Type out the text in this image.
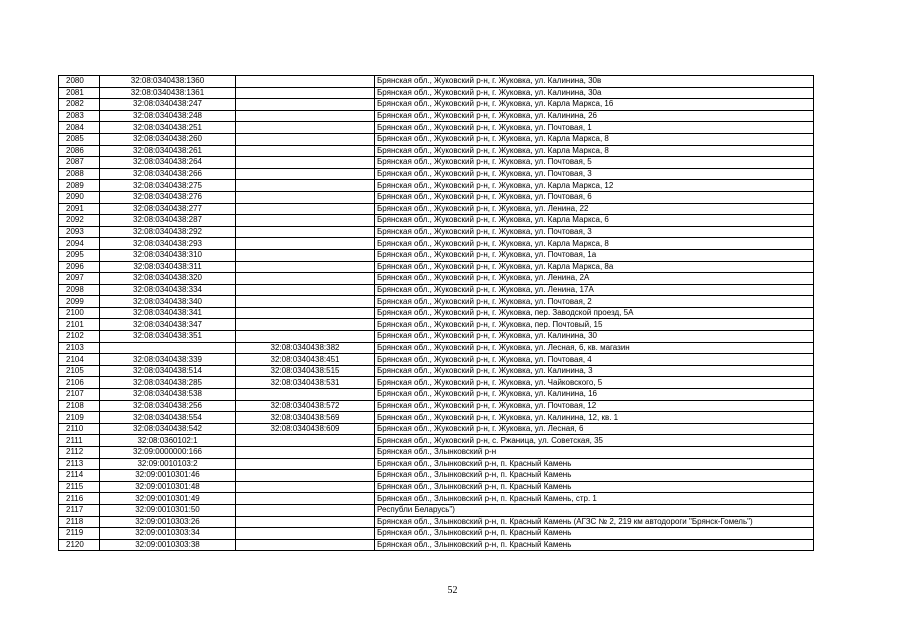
2080	32:08:0340438:1360		Брянская обл., Жуковский р-н, г. Жуковка, ул. Калинина, 30в
2081	32:08:0340438:1361		Брянская обл., Жуковский р-н, г. Жуковка, ул. Калинина, 30а
2082	32:08:0340438:247		Брянская обл., Жуковский р-н, г. Жуковка, ул. Карла Маркса, 16
2083	32:08:0340438:248		Брянская обл., Жуковский р-н, г. Жуковка, ул. Калинина, 26
2084	32:08:0340438:251		Брянская обл., Жуковский р-н, г. Жуковка, ул. Почтовая, 1
2085	32:08:0340438:260		Брянская обл., Жуковский р-н, г. Жуковка, ул. Карла Маркса, 8
2086	32:08:0340438:261		Брянская обл., Жуковский р-н, г. Жуковка, ул. Карла Маркса, 8
2087	32:08:0340438:264		Брянская обл., Жуковский р-н, г. Жуковка, ул. Почтовая, 5
2088	32:08:0340438:266		Брянская обл., Жуковский р-н, г. Жуковка, ул. Почтовая, 3
2089	32:08:0340438:275		Брянская обл., Жуковский р-н, г. Жуковка, ул. Карла Маркса, 12
2090	32:08:0340438:276		Брянская обл., Жуковский р-н, г. Жуковка, ул. Почтовая, 6
2091	32:08:0340438:277		Брянская обл., Жуковский р-н, г. Жуковка, ул. Ленина, 22
2092	32:08:0340438:287		Брянская обл., Жуковский р-н, г. Жуковка, ул. Карла Маркса, 6
2093	32:08:0340438:292		Брянская обл., Жуковский р-н, г. Жуковка, ул. Почтовая, 3
2094	32:08:0340438:293		Брянская обл., Жуковский р-н, г. Жуковка, ул. Карла Маркса, 8
2095	32:08:0340438:310		Брянская обл., Жуковский р-н, г. Жуковка, ул. Почтовая, 1а
2096	32:08:0340438:311		Брянская обл., Жуковский р-н, г. Жуковка, ул. Карла Маркса, 8а
2097	32:08:0340438:320		Брянская обл., Жуковский р-н, г. Жуковка, ул. Ленина, 2А
2098	32:08:0340438:334		Брянская обл., Жуковский р-н, г. Жуковка, ул. Ленина, 17А
2099	32:08:0340438:340		Брянская обл., Жуковский р-н, г. Жуковка, ул. Почтовая, 2
2100	32:08:0340438:341		Брянская обл., Жуковский р-н, г. Жуковка, пер. Заводской проезд, 5А
2101	32:08:0340438:347		Брянская обл., Жуковский р-н, г. Жуковка, пер. Почтовый, 15
2102	32:08:0340438:351		Брянская обл., Жуковский р-н, г. Жуковка, ул. Калинина, 30
2103		32:08:0340438:382	Брянская обл., Жуковский р-н, г. Жуковка, ул. Лесная, 6, кв. магазин
2104	32:08:0340438:339	32:08:0340438:451	Брянская обл., Жуковский р-н, г. Жуковка, ул. Почтовая, 4
2105	32:08:0340438:514	32:08:0340438:515	Брянская обл., Жуковский р-н, г. Жуковка, ул. Калинина, 3
2106	32:08:0340438:285	32:08:0340438:531	Брянская обл., Жуковский р-н, г. Жуковка, ул. Чайковского, 5
2107	32:08:0340438:538		Брянская обл., Жуковский р-н, г. Жуковка, ул. Калинина, 16
2108	32:08:0340438:256	32:08:0340438:572	Брянская обл., Жуковский р-н, г. Жуковка, ул. Почтовая, 12
2109	32:08:0340438:554	32:08:0340438:569	Брянская обл., Жуковский р-н, г. Жуковка, ул. Калинина, 12, кв. 1
2110	32:08:0340438:542	32:08:0340438:609	Брянская обл., Жуковский р-н, г. Жуковка, ул. Лесная, 6
2111	32:08:0360102:1		Брянская обл., Жуковский р-н, с. Ржаница, ул. Советская, 35
2112	32:09:0000000:166		Брянская обл., Злынковский р-н
2113	32:09:0010103:2		Брянская обл., Злынковский р-н, п. Красный Камень
2114	32:09:0010301:46		Брянская обл., Злынковский р-н, п. Красный Камень
2115	32:09:0010301:48		Брянская обл., Злынковский р-н, п. Красный Камень
2116	32:09:0010301:49		Брянская обл., Злынковский р-н, п. Красный Камень, стр. 1
2117	32:09:0010301:50		Республи Беларусь")
2118	32:09:0010303:26		Брянская обл., Злынковский р-н, п. Красный Камень (АГЗС № 2, 219 км автодороги "Брянск-Гомель")
2119	32:09:0010303:34		Брянская обл., Злынковский р-н, п. Красный Камень
2120	32:09:0010303:38		Брянская обл., Злынковский р-н, п. Красный Камень
52
